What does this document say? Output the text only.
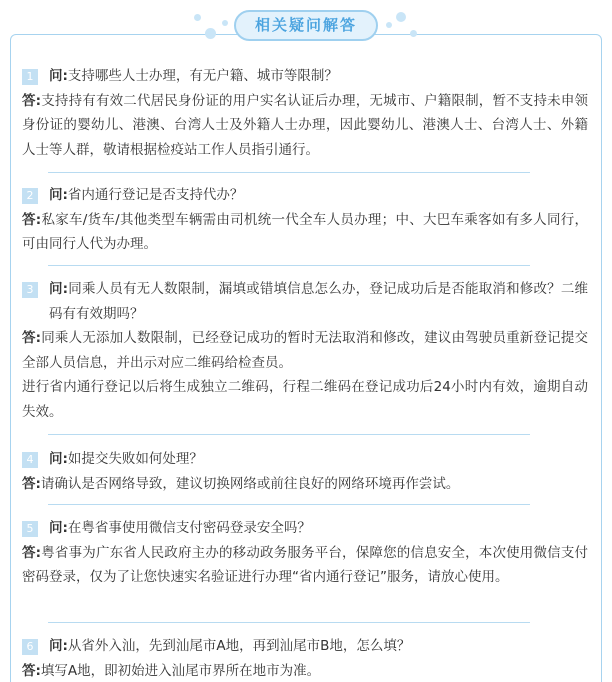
相关疑问解答
1	问:支持哪些人士办理，有无户籍、城市等限制？
答:支持持有有效二代居民身份证的用户实名认证后办理，无城市、户籍限制，暂不支持未申领身份证的婴幼儿、港澳、台湾人士及外籍人士办理，因此婴幼儿、港澳人士、台湾人士、外籍人士等人群，敬请根据检疫站工作人员指引通行。
2	问:省内通行登记是否支持代办？
答:私家车/货车/其他类型车辆需由司机统一代全车人员办理；中、大巴车乘客如有多人同行，可由同行人代为办理。
3	问:同乘人员有无人数限制，漏填或错填信息怎么办，登记成功后是否能取消和修改？二维码有有效期吗？
答:同乘人无添加人数限制，已经登记成功的暂时无法取消和修改，建议由驾驶员重新登记提交全部人员信息，并出示对应二维码给检查员。
进行省内通行登记以后将生成独立二维码，行程二维码在登记成功后24小时内有效，逾期自动失效。
4	问:如提交失败如何处理？
答:请确认是否网络导致，建议切换网络或前往良好的网络环境再作尝试。
5	问:在粤省事使用微信支付密码登录安全吗？
答:粤省事为广东省人民政府主办的移动政务服务平台，保障您的信息安全，本次使用微信支付密码登录，仅为了让您快速实名验证进行办理“省内通行登记”服务，请放心使用。
6	问:从省外入汕，先到汕尾市A地，再到汕尾市B地，怎么填？
答:填写A地，即初始进入汕尾市界所在地市为准。
